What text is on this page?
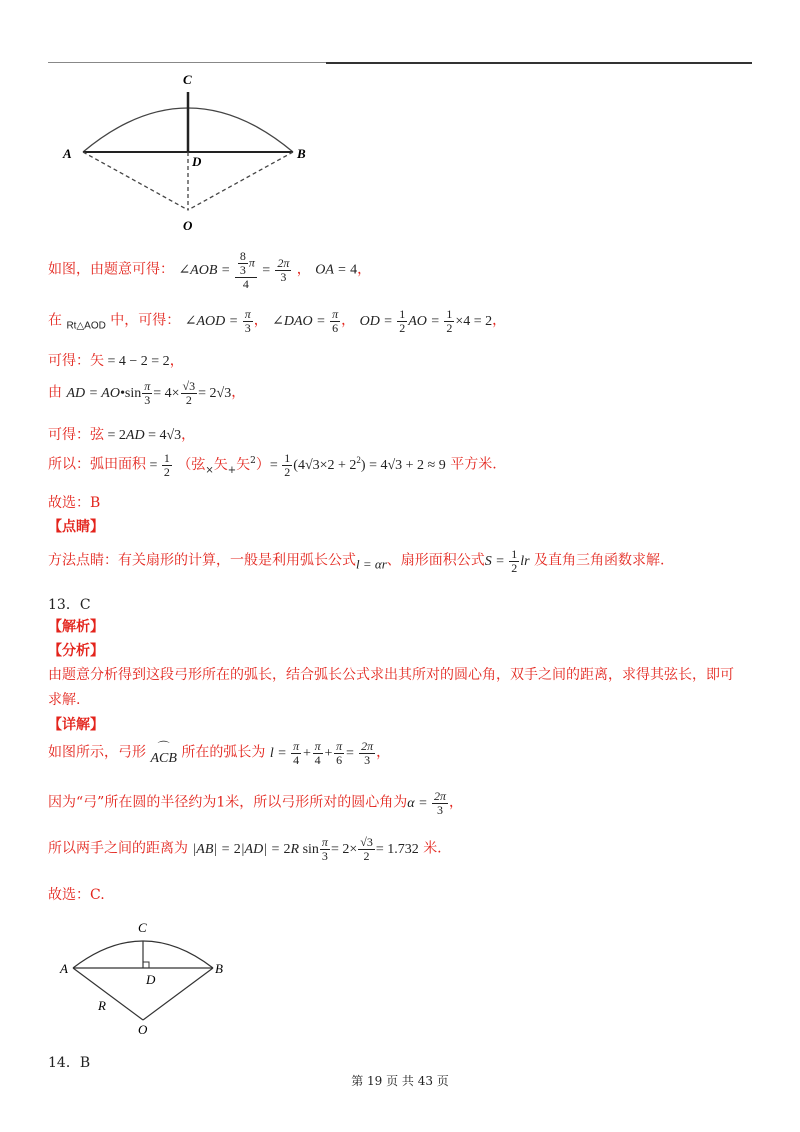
C
A
D
B
O
如图，由题意可得： ∠AOB = $\frac{\frac{8}{3} \pi}{4} = \frac{2\pi}{3}$ ， OA = 4，
在 $_{Rt\triangle AOD}$ 中，可得： ∠AOD = $\frac{\pi}{3}$ ， ∠DAO = $\frac{\pi}{6}$ ， OD = $\frac{1}{2}$ AO = $\frac{1}{2} \times 4 = 2$，
可得：矢 = 4 − 2 = 2，
由 AD = AO•sin $\frac{\pi}{3} = 4\times \frac{√3}{2} = 2√3$，
可得：弦 = 2AD = 4√3，
所以：弧田面积 = $\frac{1}{2}$ （弦$_\times$矢$_+$矢$^2)= \frac{1}{2} (4√3\times 2 + 2^2) = 4√3 + 2 \approx 9$ 平方米.
故选：B
【点睛】
方法点睛：有关扇形的计算，一般是利用弧长公式l = αr、扇形面积公式$S = \frac{1}{2}$ lr 及直角三角函数求解.
13．C
【解析】
【分析】
由题意分析得到这段弓形所在的弧长，结合弧长公式求出其所对的圆心角，双手之间的距离，求得其弦长，即可
求解.
【详解】
如图所示，弓形 ⌒
ACB 所在的弧长为 $l = \frac{\pi}{4} + \frac{\pi}{4} + \frac{\pi}{6} = \frac{2\pi}{3}$ ，
因为“弓”所在圆的半径约为1米，所以弓形所对的圆心角为$\alpha = \frac{2\pi}{3}$ ，
所以两手之间的距离为 |AB| = 2|AD| = 2R $\sin \frac{\pi}{3} = 2\times \frac{√3}{2} = 1.732$ 米.
故选：C.
C
A
D
B
R
O
14．B
第 19 页 共 43 页
